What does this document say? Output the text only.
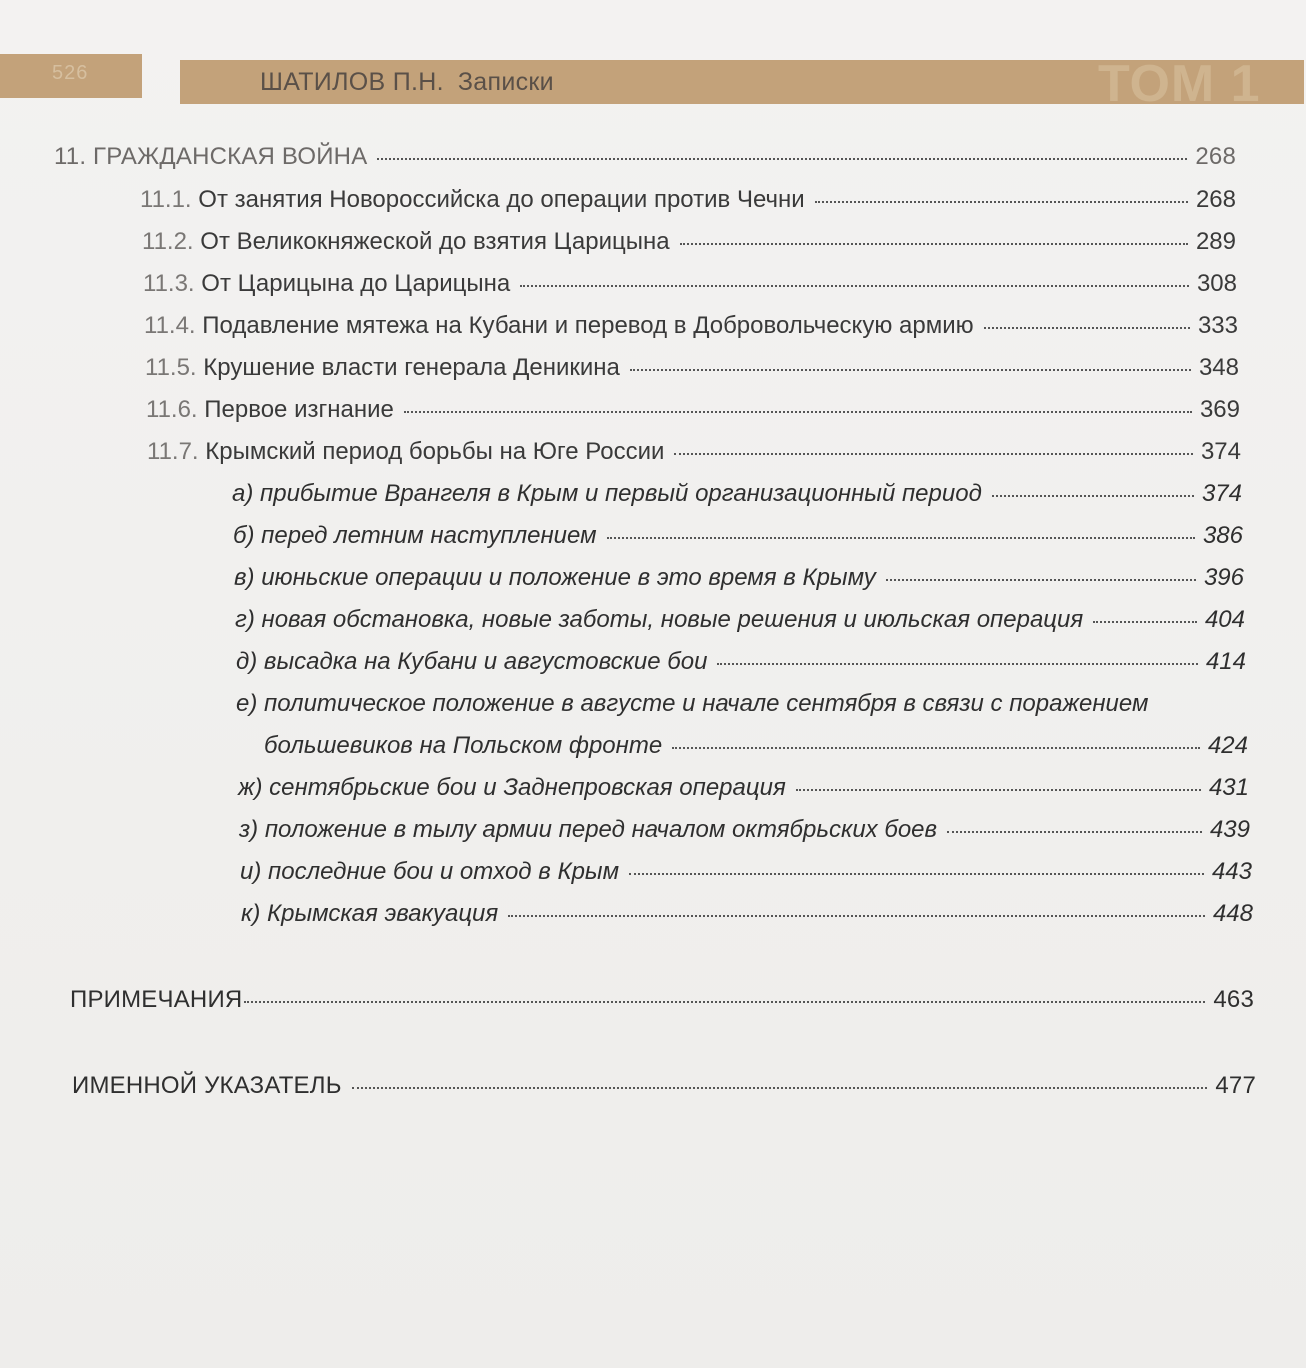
526	ШАТИЛОВ П.Н. Записки	ТОМ 1
11. ГРАЖДАНСКАЯ ВОЙНА	268
11.1. От занятия Новороссийска до операции против Чечни	268
11.2. От Великокняжеской до взятия Царицына	289
11.3. От Царицына до Царицына	308
11.4. Подавление мятежа на Кубани и перевод в Добровольческую армию	333
11.5. Крушение власти генерала Деникина	348
11.6. Первое изгнание	369
11.7. Крымский период борьбы на Юге России	374
а) прибытие Врангеля в Крым и первый организационный период	374
б) перед летним наступлением	386
в) июньские операции и положение в это время в Крыму	396
г) новая обстановка, новые заботы, новые решения и июльская операция	404
д) высадка на Кубани и августовские бои	414
е) политическое положение в августе и начале сентября в связи с поражением
большевиков на Польском фронте	424
ж) сентябрьские бои и Заднепровская операция	431
з) положение в тылу армии перед началом октябрьских боев	439
и) последние бои и отход в Крым	443
к) Крымская эвакуация	448
ПРИМЕЧАНИЯ	463
ИМЕННОЙ УКАЗАТЕЛЬ	477
